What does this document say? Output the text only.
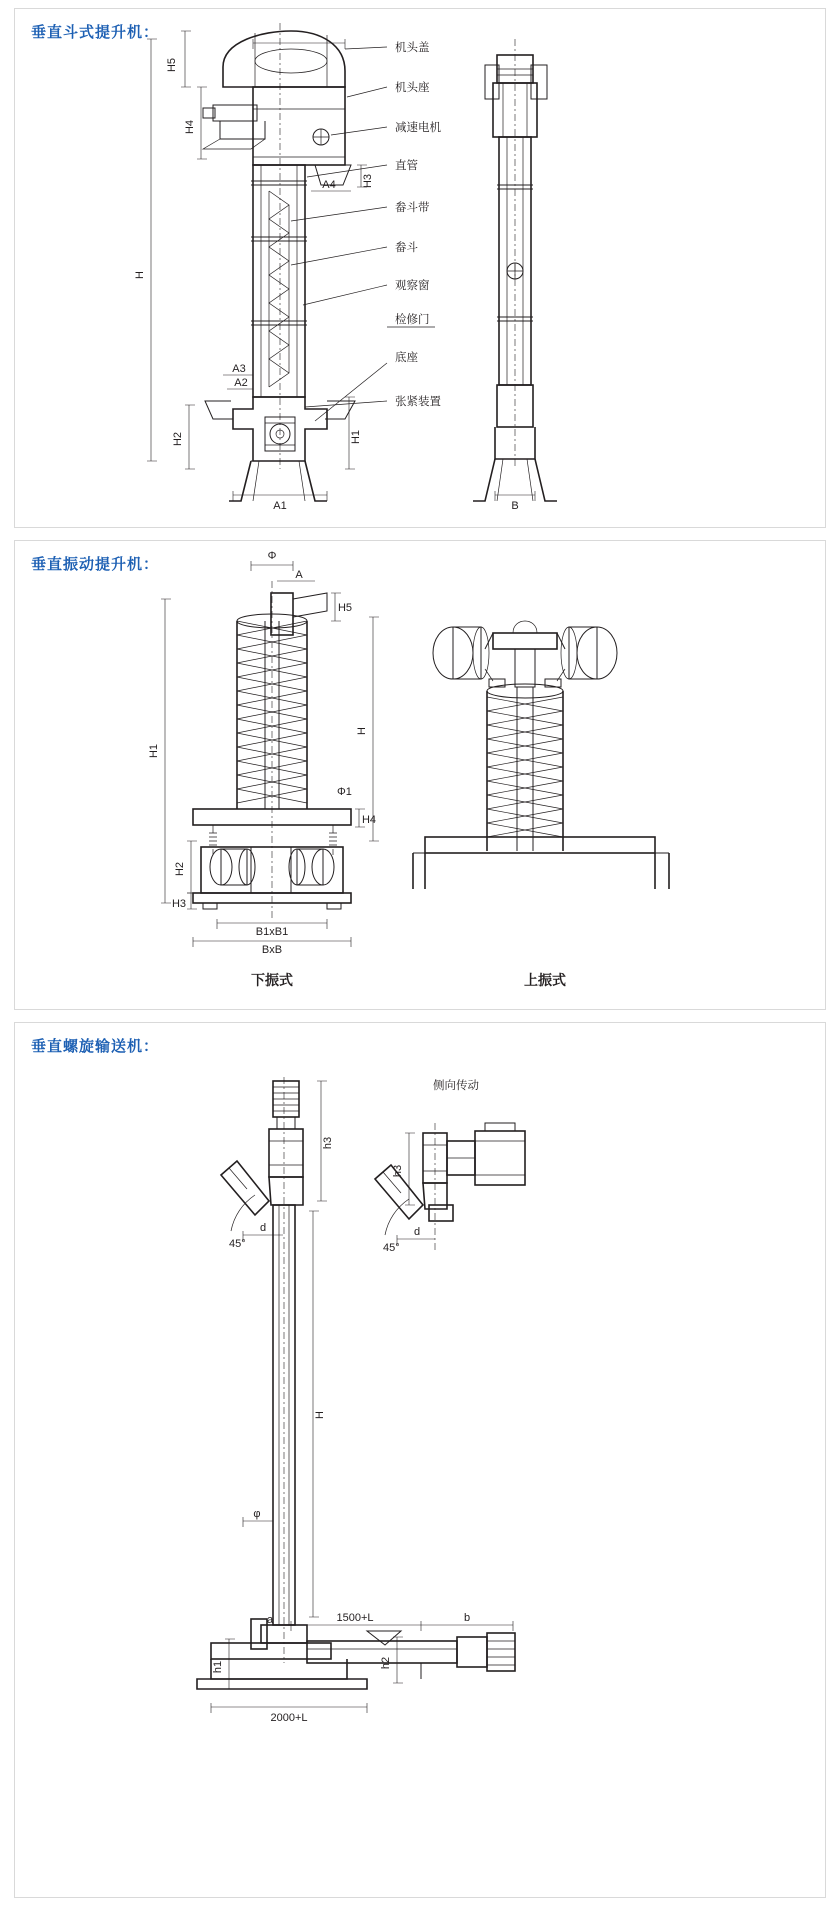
垂直斗式提升机：
H5
H4
H3
A4
H
A3
A2
H2	H1
A1
机头盖
机头座
减速电机
直管
畚斗带
畚斗
观察窗
检修门
底座
张紧装置
B
垂直振动提升机：	Φ
A
H5
H1
H
Φ1
H4
H2
H3
B1xB1
BxB
下振式	上振式
垂直螺旋输送机：
45°
h3
d
H
φ
a	1500+L	b
h1	h2
2000+L
侧向传动
45°
d
h3
